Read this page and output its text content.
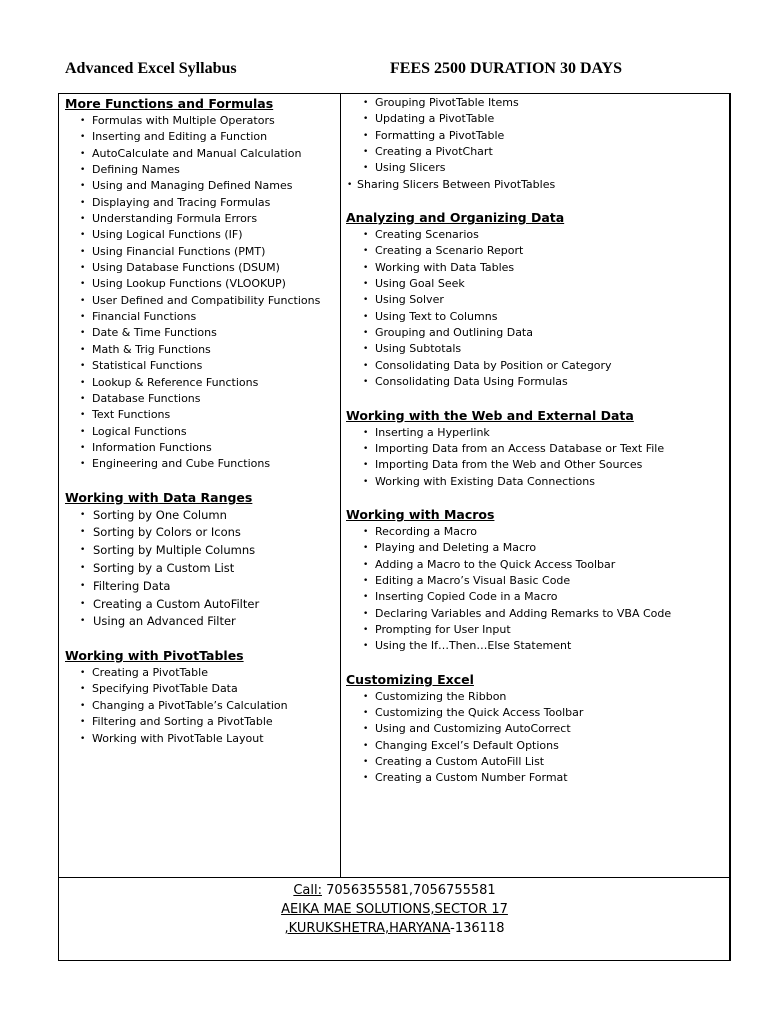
Advanced Excel Syllabus	FEES 2500 DURATION 30 DAYS
More Functions and Formulas
• Formulas with Multiple Operators
• Inserting and Editing a Function
• AutoCalculate and Manual Calculation
• Defining Names
• Using and Managing Defined Names
• Displaying and Tracing Formulas
• Understanding Formula Errors
• Using Logical Functions (IF)
• Using Financial Functions (PMT)
• Using Database Functions (DSUM)
• Using Lookup Functions (VLOOKUP)
• User Defined and Compatibility Functions
• Financial Functions
• Date & Time Functions
• Math & Trig Functions
• Statistical Functions
• Lookup & Reference Functions
• Database Functions
• Text Functions
• Logical Functions
• Information Functions
• Engineering and Cube Functions
Working with Data Ranges
• Sorting by One Column
• Sorting by Colors or Icons
• Sorting by Multiple Columns
• Sorting by a Custom List
• Filtering Data
• Creating a Custom AutoFilter
• Using an Advanced Filter
Working with PivotTables
• Creating a PivotTable
• Specifying PivotTable Data
• Changing a PivotTable’s Calculation
• Filtering and Sorting a PivotTable
• Working with PivotTable Layout
• Grouping PivotTable Items
• Updating a PivotTable
• Formatting a PivotTable
• Creating a PivotChart
• Using Slicers
• Sharing Slicers Between PivotTables
Analyzing and Organizing Data
• Creating Scenarios
• Creating a Scenario Report
• Working with Data Tables
• Using Goal Seek
• Using Solver
• Using Text to Columns
• Grouping and Outlining Data
• Using Subtotals
• Consolidating Data by Position or Category
• Consolidating Data Using Formulas
Working with the Web and External Data
• Inserting a Hyperlink
• Importing Data from an Access Database or Text File
• Importing Data from the Web and Other Sources
• Working with Existing Data Connections
Working with Macros
• Recording a Macro
• Playing and Deleting a Macro
• Adding a Macro to the Quick Access Toolbar
• Editing a Macro’s Visual Basic Code
• Inserting Copied Code in a Macro
• Declaring Variables and Adding Remarks to VBA Code
• Prompting for User Input
• Using the If…Then…Else Statement
Customizing Excel
• Customizing the Ribbon
• Customizing the Quick Access Toolbar
• Using and Customizing AutoCorrect
• Changing Excel’s Default Options
• Creating a Custom AutoFill List
• Creating a Custom Number Format
Call: 7056355581,7056755581
AEIKA MAE SOLUTIONS,SECTOR 17
,KURUKSHETRA,HARYANA-136118
